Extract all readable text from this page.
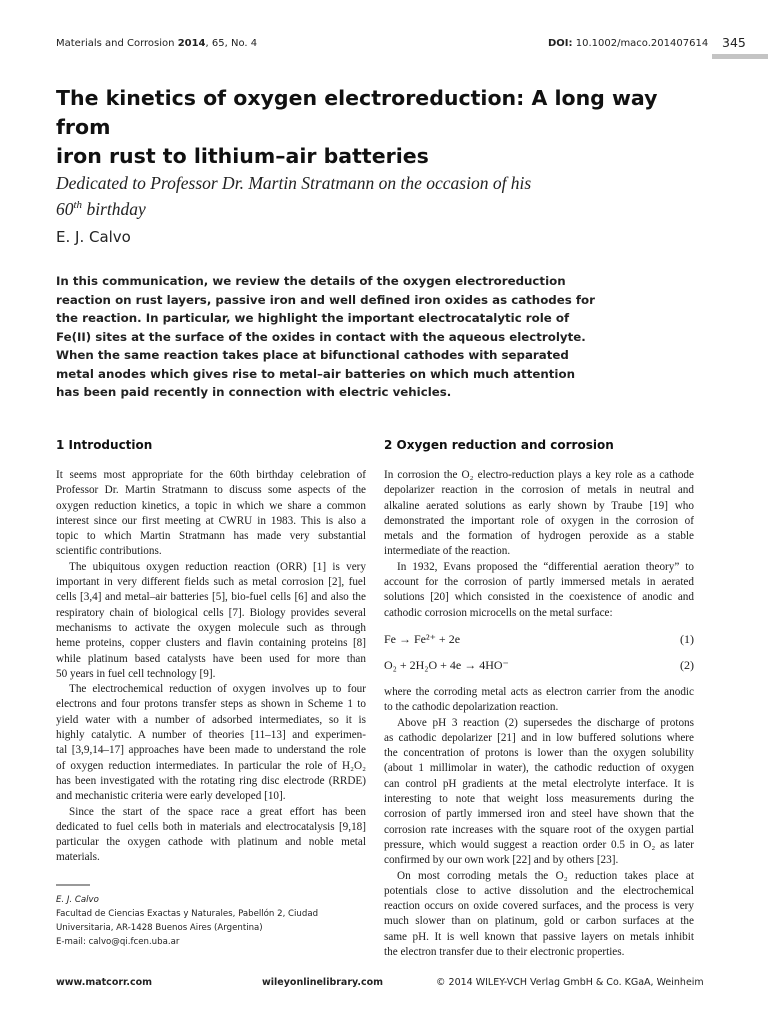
Materials and Corrosion 2014, 65, No. 4	DOI: 10.1002/maco.201407614 345
The kinetics of oxygen electroreduction: A long way from
iron rust to lithium–air batteries
Dedicated to Professor Dr. Martin Stratmann on the occasion of his
60th birthday
E. J. Calvo
In this communication, we review the details of the oxygen electroreduction
reaction on rust layers, passive iron and well defined iron oxides as cathodes for
the reaction. In particular, we highlight the important electrocatalytic role of
Fe(II) sites at the surface of the oxides in contact with the aqueous electrolyte.
When the same reaction takes place at bifunctional cathodes with separated
metal anodes which gives rise to metal–air batteries on which much attention
has been paid recently in connection with electric vehicles.
1 Introduction	2 Oxygen reduction and corrosion
It seems most appropriate for the 60th birthday celebration of
Professor Dr. Martin Stratmann to discuss some aspects of the
oxygen reduction kinetics, a topic in which we share a common
interest since our first meeting at CWRU in 1983. This is also a
topic to which Martin Stratmann has made very substantial
scientific contributions.
The ubiquitous oxygen reduction reaction (ORR) [1] is very
important in very different fields such as metal corrosion [2], fuel
cells [3,4] and metal–air batteries [5], bio-fuel cells [6] and also the
respiratory chain of biological cells [7]. Biology provides several
mechanisms to activate the oxygen molecule such as through
heme proteins, copper clusters and flavin containing proteins [8]
while platinum based catalysts have been used for more than
50 years in fuel cell technology [9].
The electrochemical reduction of oxygen involves up to four
electrons and four protons transfer steps as shown in Scheme 1 to
yield water with a number of adsorbed intermediates, so it is
highly catalytic. A number of theories [11–13] and experimen-
tal [3,9,14–17] approaches have been made to understand the role
of oxygen reduction intermediates. In particular the role of H₂O₂
has been investigated with the rotating ring disc electrode (RRDE)
and mechanistic criteria were early developed [10].
Since the start of the space race a great effort has been
dedicated to fuel cells both in materials and electrocatalysis [9,18]
particular the oxygen cathode with platinum and noble metal
materials.
In corrosion the O₂ electro-reduction plays a key role as a cathode
depolarizer reaction in the corrosion of metals in neutral and
alkaline aerated solutions as early shown by Traube [19] who
demonstrated the important role of oxygen in the corrosion of
metals and the formation of hydrogen peroxide as a stable
intermediate of the reaction.
In 1932, Evans proposed the “differential aeration theory” to
account for the corrosion of partly immersed metals in aerated
solutions [20] which consisted in the coexistence of anodic and
cathodic corrosion microcells on the metal surface:
Fe → Fe²⁺ + 2e	(1)
O₂ + 2H₂O + 4e → 4HO⁻	(2)
where the corroding metal acts as electron carrier from the anodic
to the cathodic depolarization reaction.
Above pH 3 reaction (2) supersedes the discharge of protons
as cathodic depolarizer [21] and in low buffered solutions where
the concentration of protons is lower than the oxygen solubility
(about 1 millimolar in water), the cathodic reduction of oxygen
can control pH gradients at the metal electrolyte interface. It is
interesting to note that weight loss measurements during the
corrosion of partly immersed iron and steel have shown that the
corrosion rate increases with the square root of the oxygen partial
pressure, which would suggest a reaction order 0.5 in O₂ as later
confirmed by our own work [22] and by others [23].
On most corroding metals the O₂ reduction takes place at
potentials close to active dissolution and the electrochemical
reaction occurs on oxide covered surfaces, and the process is very
much slower than on platinum, gold or carbon surfaces at the
same pH. It is well known that passive layers on metals inhibit
the electron transfer due to their electronic properties.
E. J. Calvo
Facultad de Ciencias Exactas y Naturales, Pabellón 2, Ciudad
Universitaria, AR-1428 Buenos Aires (Argentina)
E-mail: calvo@qi.fcen.uba.ar
www.matcorr.com	wileyonlinelibrary.com	© 2014 WILEY-VCH Verlag GmbH & Co. KGaA, Weinheim
